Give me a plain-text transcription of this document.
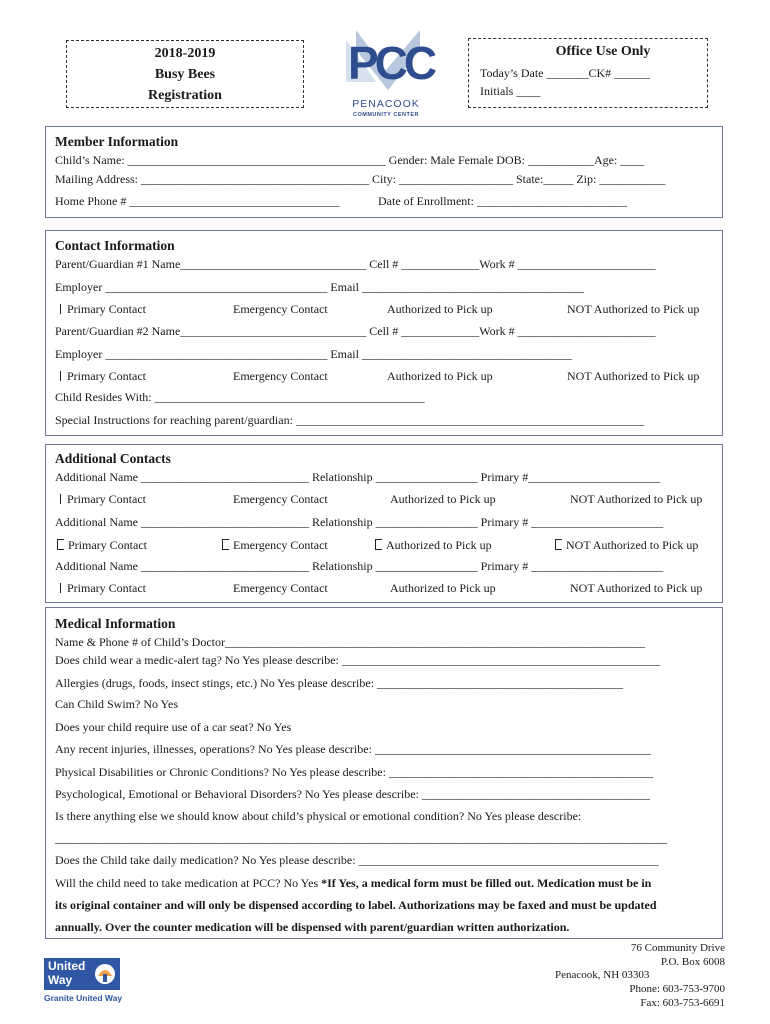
2018-2019
Busy Bees
Registration
PCC
PENACOOK
COMMUNITY CENTER
Office Use Only
Today’s Date _______CK# ______
Initials ____
Member Information
Child’s Name: ___________________________________________ Gender: Male Female DOB: ___________Age: ____
Mailing Address: ______________________________________ City: ___________________ State:_____ Zip: ___________
Home Phone # ___________________________________	Date of Enrollment: _________________________
Contact Information
Parent/Guardian #1 Name_______________________________ Cell # _____________Work # _______________________
Employer _____________________________________ Email _____________________________________
Primary Contact	Emergency Contact	Authorized to Pick up	NOT Authorized to Pick up
Parent/Guardian #2 Name_______________________________ Cell # _____________Work # _______________________
Employer _____________________________________ Email ___________________________________
Primary Contact	Emergency Contact	Authorized to Pick up	NOT Authorized to Pick up
Child Resides With: _____________________________________________
Special Instructions for reaching parent/guardian: __________________________________________________________
Additional Contacts
Additional Name ____________________________ Relationship _________________ Primary #______________________
Primary Contact	Emergency Contact	Authorized to Pick up	NOT Authorized to Pick up
Additional Name ____________________________ Relationship _________________ Primary # ______________________
Primary Contact	Emergency Contact	Authorized to Pick up	NOT Authorized to Pick up
Additional Name ____________________________ Relationship _________________ Primary # ______________________
Primary Contact	Emergency Contact	Authorized to Pick up	NOT Authorized to Pick up
Medical Information
Name & Phone # of Child’s Doctor______________________________________________________________________
Does child wear a medic-alert tag? No Yes please describe: _____________________________________________________
Allergies (drugs, foods, insect stings, etc.) No Yes please describe: _________________________________________
Can Child Swim? No Yes
Does your child require use of a car seat? No Yes
Any recent injuries, illnesses, operations? No Yes please describe: ______________________________________________
Physical Disabilities or Chronic Conditions? No Yes please describe: ____________________________________________
Psychological, Emotional or Behavioral Disorders? No Yes please describe: ______________________________________
Is there anything else we should know about child’s physical or emotional condition? No Yes please describe:
______________________________________________________________________________________________________
Does the Child take daily medication? No Yes please describe: __________________________________________________
Will the child need to take medication at PCC? No Yes *If Yes, a medical form must be filled out. Medication must be in
its original container and will only be dispensed according to label. Authorizations may be faxed and must be updated
annually. Over the counter medication will be dispensed with parent/guardian written authorization.
United
Way
Granite United Way
76 Community Drive
P.O. Box 6008
Penacook, NH 03303
Phone: 603-753-9700
Fax: 603-753-6691
